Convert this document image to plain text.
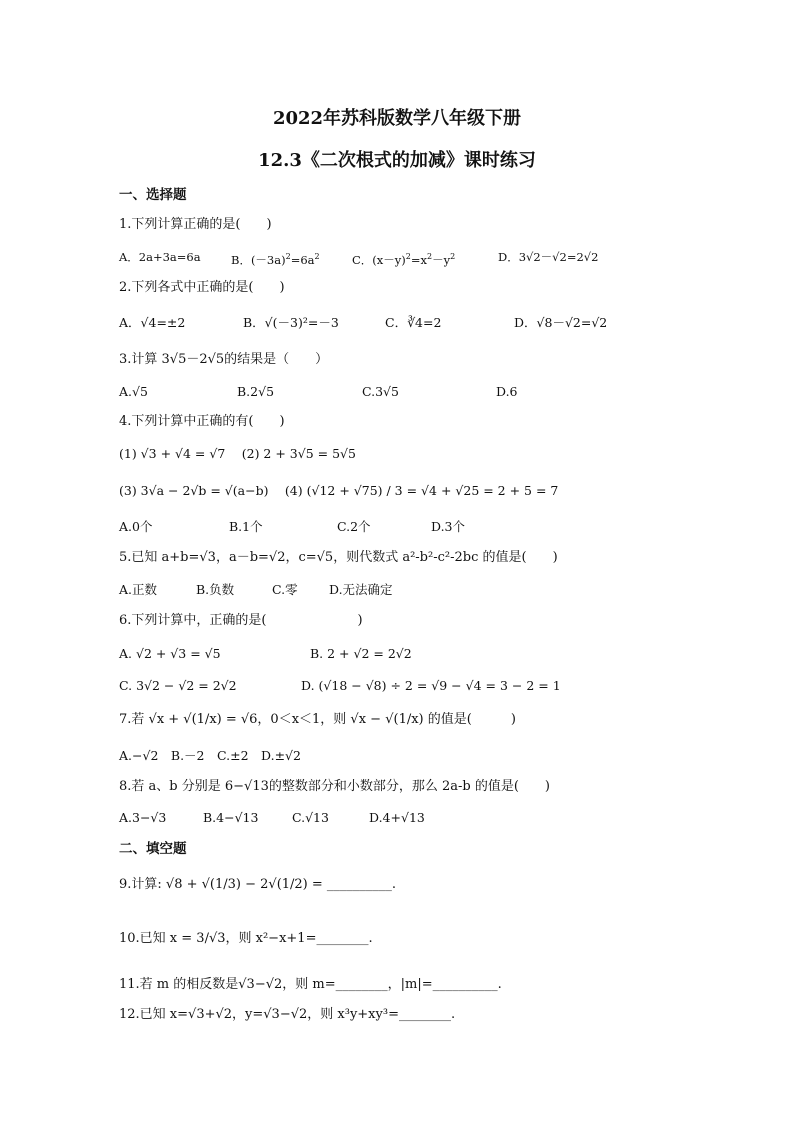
2022年苏科版数学八年级下册
12.3《二次根式的加减》课时练习
一、选择题
1.下列计算正确的是(　　)
A．2a+3a=6a	B．$(-3a)^2=6a^2$	C．$(x-y)^2=x^2-y^2$	D．3√2－√2=2√2
2.下列各式中正确的是(　　)
A．√4=±2	B．√(－3)²=－3	C．∛4=2	D．√8－√2=√2
3.计算 3√5－2√5的结果是（　　）
A.√5	B.2√5	C.3√5	D.6
4.下列计算中正确的有(　　)
(1) √3 + √4 = √7　 (2) 2 + 3√5 = 5√5
(3) 3√a − 2√b = √(a−b)　 (4) (√12 + √75) / 3 = √4 + √25 = 2 + 5 = 7
A.0个	B.1个	C.2个	D.3个
5.已知 a+b=√3，a－b=√2，c=√5，则代数式 a²-b²-c²-2bc 的值是(　　)
A.正数	B.负数	C.零	D.无法确定
6.下列计算中，正确的是(　　　　　　　)
A. √2 + √3 = √5	B. 2 + √2 = 2√2
C. 3√2 − √2 = 2√2	D. (√18 − √8) ÷ 2 = √9 − √4 = 3 − 2 = 1
7.若 √x + √(1/x) = √6，0＜x＜1，则 √x − √(1/x) 的值是(　　　)
A.−√2　B.－2　C.±2　D.±√2
8.若 a、b 分别是 6−√13的整数部分和小数部分，那么 2a-b 的值是(　　)
A.3−√3	B.4−√13	C.√13	D.4+√13
二、填空题
9.计算: √8 + √(1/3) − 2√(1/2) = __________.
10.已知 x = 3/√3，则 x²−x+1=________.
11.若 m 的相反数是√3−√2，则 m=________，|m|=__________.
12.已知 x=√3+√2，y=√3−√2，则 x³y+xy³=________.
